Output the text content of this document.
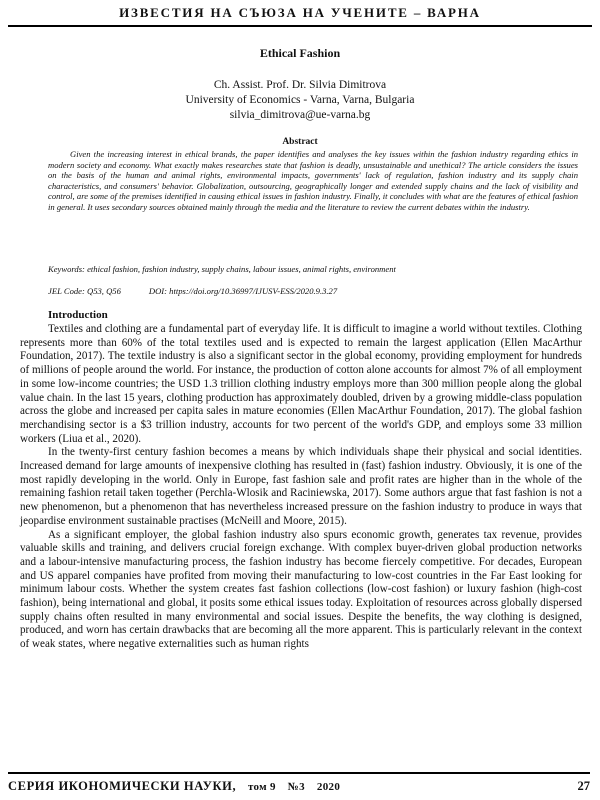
ИЗВЕСТИЯ НА СЪЮЗА НА УЧЕНИТЕ – ВАРНА
Ethical Fashion
Ch. Assist. Prof. Dr. Silvia Dimitrova
University of Economics - Varna, Varna, Bulgaria
silvia_dimitrova@ue-varna.bg
Abstract

Given the increasing interest in ethical brands, the paper identifies and analyses the key issues within the fashion industry regarding ethics in modern society and economy. What exactly makes researches state that fashion is deadly, unsustainable and unethical? The article considers the issues on the basis of the human and animal rights, environmental impacts, governments' lack of regulation, fashion industry and its supply chain characteristics, and consumers' behavior. Globalization, outsourcing, geographically longer and extended supply chains and the lack of visibility and control, are some of the premises identified in causing ethical issues in fashion industry. Finally, it concludes with what are the features of ethical fashion in general. It uses secondary sources obtained mainly through the media and the literature to review the current debates within the industry.

Keywords: ethical fashion, fashion industry, supply chains, labour issues, animal rights, environment
JEL Code: Q53, Q56	DOI: https://doi.org/10.36997/IJUSV-ESS/2020.9.3.27
Introduction

Textiles and clothing are a fundamental part of everyday life. It is difficult to imagine a world without textiles. Clothing represents more than 60% of the total textiles used and is expected to remain the largest application (Ellen MacArthur Foundation, 2017). The textile industry is also a significant sector in the global economy, providing employment for hundreds of millions of people around the world. For instance, the production of cotton alone accounts for almost 7% of all employment in some low-income countries; the USD 1.3 trillion clothing industry employs more than 300 million people along the global value chain. In the last 15 years, clothing production has approximately doubled, driven by a growing middle-class population across the globe and increased per capita sales in mature economies (Ellen MacArthur Foundation, 2017). The global fashion merchandising sector is a $3 trillion industry, accounts for two percent of the world's GDP, and employs some 33 million workers (Liua et al., 2020).

In the twenty-first century fashion becomes a means by which individuals shape their physical and social identities. Increased demand for large amounts of inexpensive clothing has resulted in (fast) fashion industry. Obviously, it is one of the most rapidly developing in the world. Only in Europe, fast fashion sale and profit rates are higher than in the whole of the remaining fashion retail taken together (Perchla-Wlosik and Raciniewska, 2017). Some authors argue that fast fashion is not a new phenomenon, but a phenomenon that has nevertheless increased pressure on the fashion industry to produce in ways that jeopardise environment sustainable practises (McNeill and Moore, 2015).

As a significant employer, the global fashion industry also spurs economic growth, generates tax revenue, provides valuable skills and training, and delivers crucial foreign exchange. With complex buyer-driven global production networks and a labour-intensive manufacturing process, the fashion industry has become fiercely competitive. For decades, European and US apparel companies have profited from moving their manufacturing to low-cost countries in the Far East looking for minimum labour costs. Whether the system creates fast fashion collections (low-cost fashion) or luxury fashion (high-cost fashion), being international and global, it posits some ethical issues today. Exploitation of resources across globally dispersed supply chains often resulted in many environmental and social issues. Despite the benefits, the way clothing is designed, produced, and worn has certain drawbacks that are becoming all the more apparent. This is particularly relevant in the context of weak states, where negative externalities such as human rights

СЕРИЯ ИКОНОМИЧЕСКИ НАУКИ, том 9 №3 2020	27
